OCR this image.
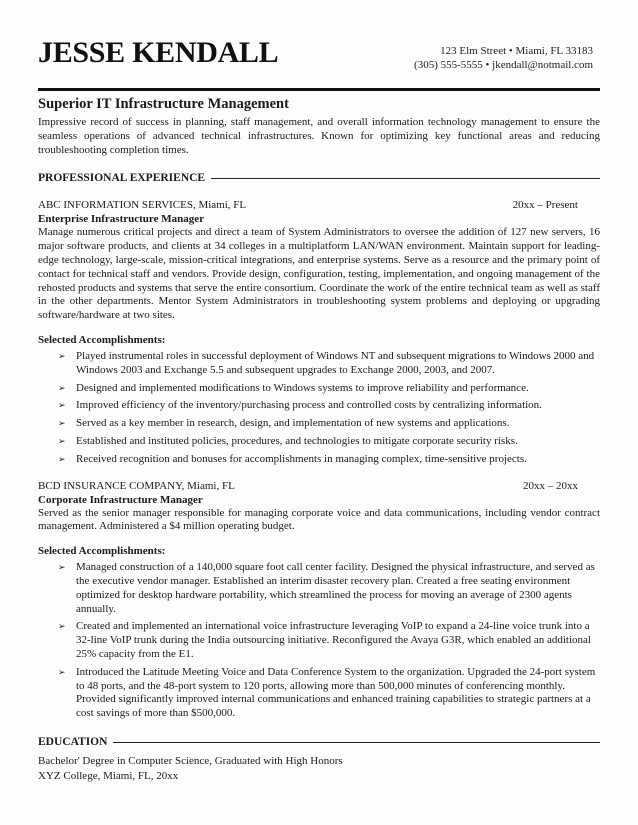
JESSE KENDALL	123 Elm Street • Miami, FL 33183
(305) 555-5555 • jkendall@notmail.com
Superior IT Infrastructure Management

Impressive record of success in planning, staff management, and overall information technology management to ensure the seamless operations of advanced technical infrastructures. Known for optimizing key functional areas and reducing troubleshooting completion times.

PROFESSIONAL EXPERIENCE
ABC INFORMATION SERVICES, Miami, FL	20xx – Present
Enterprise Infrastructure Manager

Manage numerous critical projects and direct a team of System Administrators to oversee the addition of 127 new servers, 16 major software products, and clients at 34 colleges in a multiplatform LAN/WAN environment. Maintain support for leading-edge technology, large-scale, mission-critical integrations, and enterprise systems. Serve as a resource and the primary point of contact for technical staff and vendors. Provide design, configuration, testing, implementation, and ongoing management of the rehosted products and systems that serve the entire consortium. Coordinate the work of the entire technical team as well as staff in the other departments. Mentor System Administrators in troubleshooting system problems and deploying or upgrading software/hardware at two sites.

Selected Accomplishments:
➢ Played instrumental roles in successful deployment of Windows NT and subsequent migrations to Windows 2000 and Windows 2003 and Exchange 5.5 and subsequent upgrades to Exchange 2000, 2003, and 2007.
➢ Designed and implemented modifications to Windows systems to improve reliability and performance.
➢ Improved efficiency of the inventory/purchasing process and controlled costs by centralizing information.
➢ Served as a key member in research, design, and implementation of new systems and applications.
➢ Established and instituted policies, procedures, and technologies to mitigate corporate security risks.
➢ Received recognition and bonuses for accomplishments in managing complex, time-sensitive projects.
BCD INSURANCE COMPANY, Miami, FL	20xx – 20xx
Corporate Infrastructure Manager

Served as the senior manager responsible for managing corporate voice and data communications, including vendor contract management. Administered a $4 million operating budget.

Selected Accomplishments:
➢ Managed construction of a 140,000 square foot call center facility. Designed the physical infrastructure, and served as the executive vendor manager. Established an interim disaster recovery plan. Created a free seating environment optimized for desktop hardware portability, which streamlined the process for moving an average of 2300 agents annually.
➢ Created and implemented an international voice infrastructure leveraging VoIP to expand a 24-line voice trunk into a 32-line VoIP trunk during the India outsourcing initiative. Reconfigured the Avaya G3R, which enabled an additional 25% capacity from the E1.
➢ Introduced the Latitude Meeting Voice and Data Conference System to the organization. Upgraded the 24-port system to 48 ports, and the 48-port system to 120 ports, allowing more than 500,000 minutes of conferencing monthly. Provided significantly improved internal communications and enhanced training capabilities to strategic partners at a cost savings of more than $500,000.
EDUCATION
Bachelor' Degree in Computer Science, Graduated with High Honors
XYZ College, Miami, FL, 20xx
